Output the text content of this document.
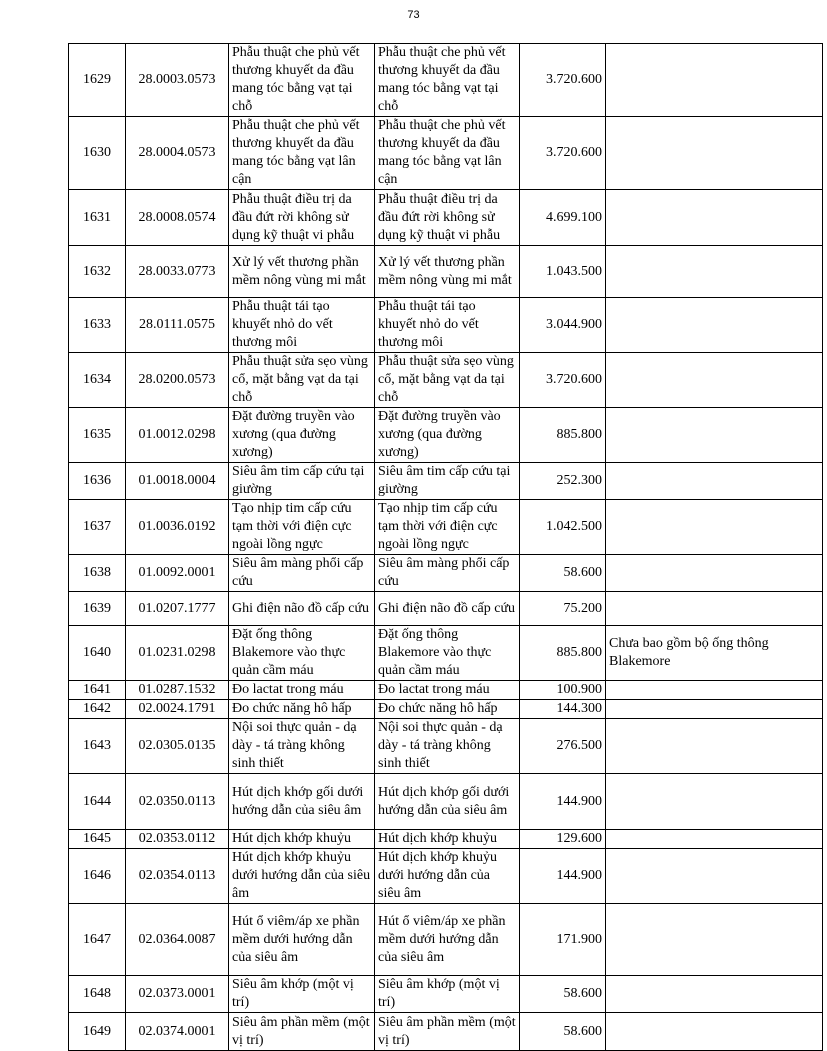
73
1629	28.0003.0573	Phẫu thuật che phủ vết thương khuyết da đầu mang tóc bằng vạt tại chỗ	Phẫu thuật che phủ vết thương khuyết da đầu mang tóc bằng vạt tại chỗ	3.720.600	
1630	28.0004.0573	Phẫu thuật che phủ vết thương khuyết da đầu mang tóc bằng vạt lân cận	Phẫu thuật che phủ vết thương khuyết da đầu mang tóc bằng vạt lân cận	3.720.600	
1631	28.0008.0574	Phẫu thuật điều trị da đầu đứt rời không sử dụng kỹ thuật vi phẫu	Phẫu thuật điều trị da đầu đứt rời không sử dụng kỹ thuật vi phẫu	4.699.100	
1632	28.0033.0773	Xử lý vết thương phần mềm nông vùng mi mắt	Xử lý vết thương phần mềm nông vùng mi mắt	1.043.500	
1633	28.0111.0575	Phẫu thuật tái tạo khuyết nhỏ do vết thương môi	Phẫu thuật tái tạo khuyết nhỏ do vết thương môi	3.044.900	
1634	28.0200.0573	Phẫu thuật sửa sẹo vùng cổ, mặt bằng vạt da tại chỗ	Phẫu thuật sửa sẹo vùng cổ, mặt bằng vạt da tại chỗ	3.720.600	
1635	01.0012.0298	Đặt đường truyền vào xương (qua đường xương)	Đặt đường truyền vào xương (qua đường xương)	885.800	
1636	01.0018.0004	Siêu âm tim cấp cứu tại giường	Siêu âm tim cấp cứu tại giường	252.300	
1637	01.0036.0192	Tạo nhịp tim cấp cứu tạm thời với điện cực ngoài lồng ngực	Tạo nhịp tim cấp cứu tạm thời với điện cực ngoài lồng ngực	1.042.500	
1638	01.0092.0001	Siêu âm màng phổi cấp cứu	Siêu âm màng phổi cấp cứu	58.600	
1639	01.0207.1777	Ghi điện não đồ cấp cứu	Ghi điện não đồ cấp cứu	75.200	
1640	01.0231.0298	Đặt ống thông Blakemore vào thực quản cầm máu	Đặt ống thông Blakemore vào thực quản cầm máu	885.800	Chưa bao gồm bộ ống thông Blakemore
1641	01.0287.1532	Đo lactat trong máu	Đo lactat trong máu	100.900	
1642	02.0024.1791	Đo chức năng hô hấp	Đo chức năng hô hấp	144.300	
1643	02.0305.0135	Nội soi thực quản - dạ dày - tá tràng không sinh thiết	Nội soi thực quản - dạ dày - tá tràng không sinh thiết	276.500	
1644	02.0350.0113	Hút dịch khớp gối dưới hướng dẫn của siêu âm	Hút dịch khớp gối dưới hướng dẫn của siêu âm	144.900	
1645	02.0353.0112	Hút dịch khớp khuỷu	Hút dịch khớp khuỷu	129.600	
1646	02.0354.0113	Hút dịch khớp khuỷu dưới hướng dẫn của siêu âm	Hút dịch khớp khuỷu dưới hướng dẫn của siêu âm	144.900	
1647	02.0364.0087	Hút ổ viêm/áp xe phần mềm dưới hướng dẫn của siêu âm	Hút ổ viêm/áp xe phần mềm dưới hướng dẫn của siêu âm	171.900	
1648	02.0373.0001	Siêu âm khớp (một vị trí)	Siêu âm khớp (một vị trí)	58.600	
1649	02.0374.0001	Siêu âm phần mềm (một vị trí)	Siêu âm phần mềm (một vị trí)	58.600	
